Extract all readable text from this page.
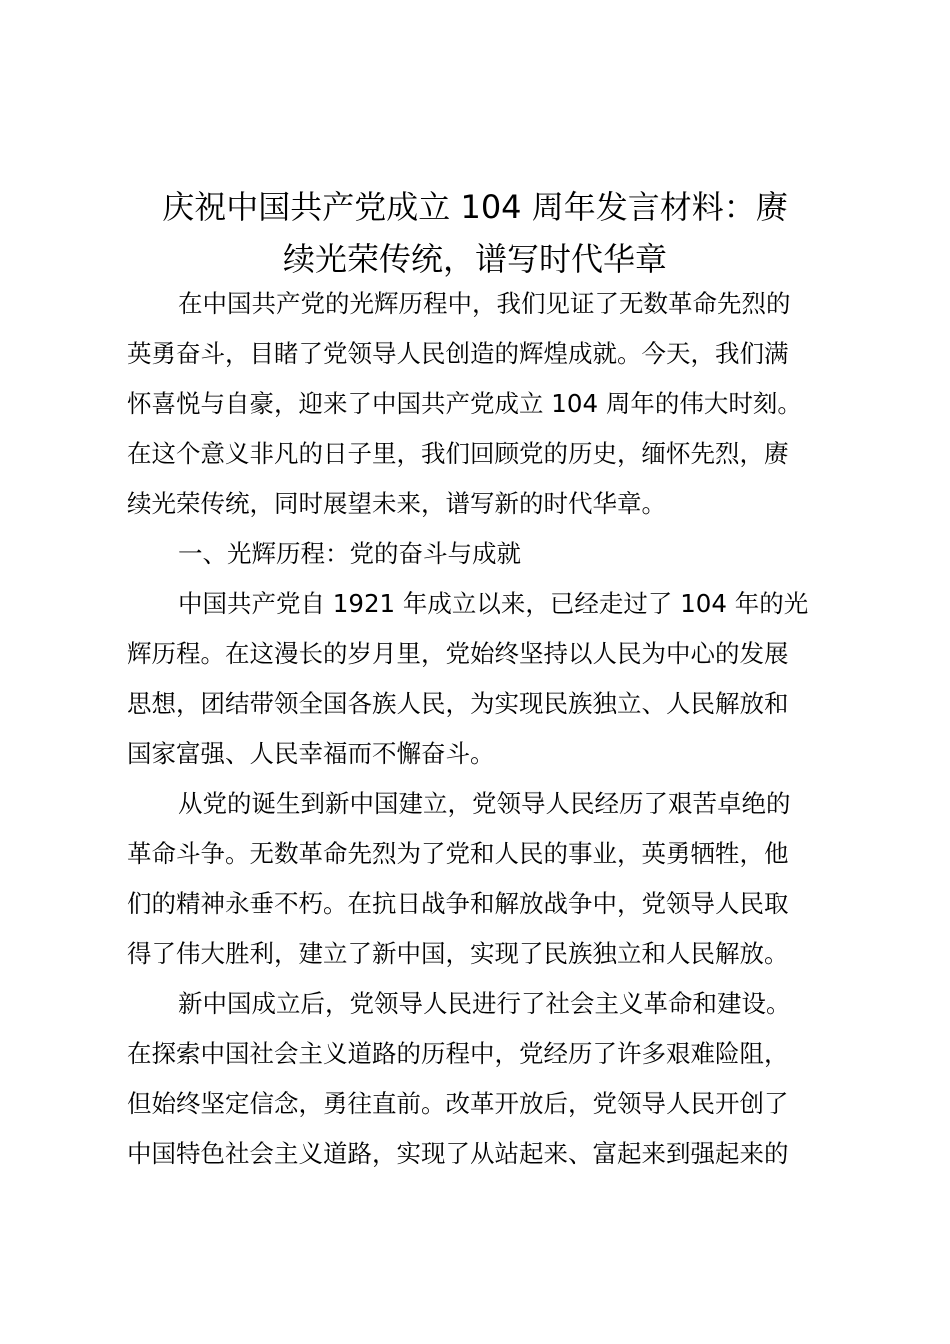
庆祝中国共产党成立 104 周年发言材料：赓
续光荣传统，谱写时代华章

在中国共产党的光辉历程中，我们见证了无数革命先烈的

英勇奋斗，目睹了党领导人民创造的辉煌成就。今天，我们满

怀喜悦与自豪，迎来了中国共产党成立 104 周年的伟大时刻。

在这个意义非凡的日子里，我们回顾党的历史，缅怀先烈，赓

续光荣传统，同时展望未来，谱写新的时代华章。

一、光辉历程：党的奋斗与成就

中国共产党自 1921 年成立以来，已经走过了 104 年的光

辉历程。在这漫长的岁月里，党始终坚持以人民为中心的发展

思想，团结带领全国各族人民，为实现民族独立、人民解放和

国家富强、人民幸福而不懈奋斗。

从党的诞生到新中国建立，党领导人民经历了艰苦卓绝的

革命斗争。无数革命先烈为了党和人民的事业，英勇牺牲，他

们的精神永垂不朽。在抗日战争和解放战争中，党领导人民取

得了伟大胜利，建立了新中国，实现了民族独立和人民解放。

新中国成立后，党领导人民进行了社会主义革命和建设。

在探索中国社会主义道路的历程中，党经历了许多艰难险阻，

但始终坚定信念，勇往直前。改革开放后，党领导人民开创了

中国特色社会主义道路，实现了从站起来、富起来到强起来的
